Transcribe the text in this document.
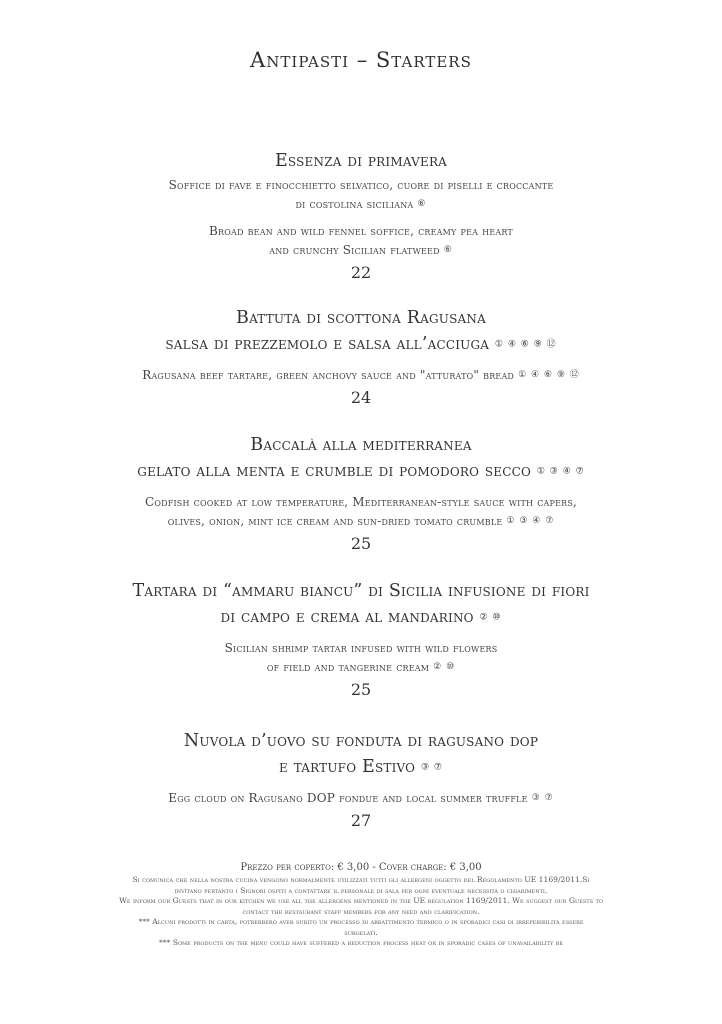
Antipasti – Starters
Essenza di primavera
Soffice di fave e finocchietto selvatico, cuore di piselli e croccante
di costolina siciliana ⑥
Broad bean and wild fennel soffice, creamy pea heart
and crunchy Sicilian flatweed ⑥
22
Battuta di scottona Ragusana
salsa di prezzemolo e salsa all’acciuga ① ④ ⑥ ⑨ ⑫
Ragusana beef tartare, green anchovy sauce and "atturato" bread ① ④ ⑥ ⑨ ⑫
24
Baccalà alla mediterranea
gelato alla menta e crumble di pomodoro secco ① ③ ④ ⑦
Codfish cooked at low temperature, Mediterranean-style sauce with capers,
olives, onion, mint ice cream and sun-dried tomato crumble ① ③ ④ ⑦
25
Tartara di “ammaru biancu” di Sicilia infusione di fiori
di campo e crema al mandarino ② ⑩
Sicilian shrimp tartar infused with wild flowers
of field and tangerine cream ② ⑩
25
Nuvola d’uovo su fonduta di ragusano dop
e tartufo Estivo ③ ⑦
Egg cloud on Ragusano DOP fondue and local summer truffle ③ ⑦
27
Prezzo per coperto: € 3,00 - Cover charge: € 3,00
Si comunica che nella nostra cucina vengono normalmente utilizzati tutti gli allergeni oggetto del Regolamento UE 1169/2011.Si
invitano pertanto i Signori ospiti a contattare il personale di sala per ogni eventuale necessità o chiarimenti.
We inform our Guests that in our kitchen we use all the allergens mentioned in the UE regulation 1169/2011. We suggest our Guests to
contact the restaurant staff members for any need and clarification.
*** Alcuni prodotti in carta, potrebbero aver subito un processo di abbattimento termico o in sporadici casi di irreperibilità essere
surgelati.
*** Some products on the menu could have suffered a reduction process heat or in sporadic cases of unavailability be
